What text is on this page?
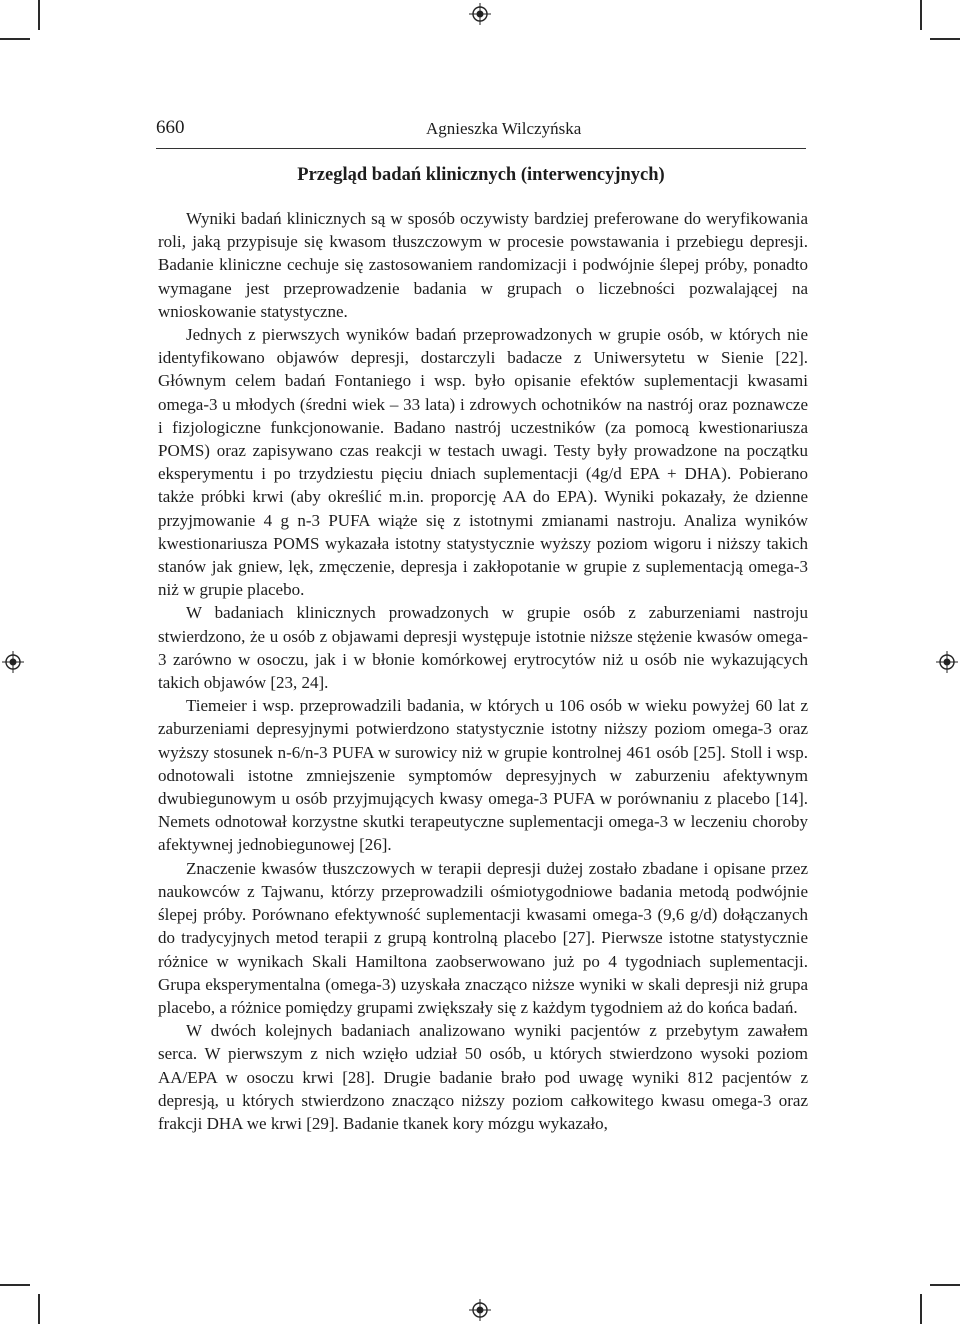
660	Agnieszka Wilczyńska
Przegląd badań klinicznych (interwencyjnych)

Wyniki badań klinicznych są w sposób oczywisty bardziej preferowane do weryfikowania roli, jaką przypisuje się kwasom tłuszczowym w procesie powstawania i przebiegu depresji. Badanie kliniczne cechuje się zastosowaniem randomizacji i podwójnie ślepej próby, ponadto wymagane jest przeprowadzenie badania w grupach o liczebności pozwalającej na wnioskowanie statystyczne.

Jednych z pierwszych wyników badań przeprowadzonych w grupie osób, w których nie identyfikowano objawów depresji, dostarczyli badacze z Uniwersytetu w Sienie [22]. Głównym celem badań Fontaniego i wsp. było opisanie efektów suplementacji kwasami omega-3 u młodych (średni wiek – 33 lata) i zdrowych ochotników na nastrój oraz poznawcze i fizjologiczne funkcjonowanie. Badano nastrój uczestników (za pomocą kwestionariusza POMS) oraz zapisywano czas reakcji w testach uwagi. Testy były prowadzone na początku eksperymentu i po trzydziestu pięciu dniach suplementacji (4g/d EPA + DHA). Pobierano także próbki krwi (aby określić m.in. proporcję AA do EPA). Wyniki pokazały, że dzienne przyjmowanie 4 g n-3 PUFA wiąże się z istotnymi zmianami nastroju. Analiza wyników kwestionariusza POMS wykazała istotny statystycznie wyższy poziom wigoru i niższy takich stanów jak gniew, lęk, zmęczenie, depresja i zakłopotanie w grupie z suplementacją omega-3 niż w grupie placebo.

W badaniach klinicznych prowadzonych w grupie osób z zaburzeniami nastroju stwierdzono, że u osób z objawami depresji występuje istotnie niższe stężenie kwasów omega-3 zarówno w osoczu, jak i w błonie komórkowej erytrocytów niż u osób nie wykazujących takich objawów [23, 24].

Tiemeier i wsp. przeprowadzili badania, w których u 106 osób w wieku powyżej 60 lat z zaburzeniami depresyjnymi potwierdzono statystycznie istotny niższy poziom omega-3 oraz wyższy stosunek n-6/n-3 PUFA w surowicy niż w grupie kontrolnej 461 osób [25]. Stoll i wsp. odnotowali istotne zmniejszenie symptomów depresyjnych w zaburzeniu afektywnym dwubiegunowym u osób przyjmujących kwasy omega-3 PUFA w porównaniu z placebo [14]. Nemets odnotował korzystne skutki terapeutyczne suplementacji omega-3 w leczeniu choroby afektywnej jednobiegunowej [26].

Znaczenie kwasów tłuszczowych w terapii depresji dużej zostało zbadane i opisane przez naukowców z Tajwanu, którzy przeprowadzili ośmiotygodniowe badania metodą podwójnie ślepej próby. Porównano efektywność suplementacji kwasami omega-3 (9,6 g/d) dołączanych do tradycyjnych metod terapii z grupą kontrolną placebo [27]. Pierwsze istotne statystycznie różnice w wynikach Skali Hamiltona zaobserwowano już po 4 tygodniach suplementacji. Grupa eksperymentalna (omega-3) uzyskała znacząco niższe wyniki w skali depresji niż grupa placebo, a różnice pomiędzy grupami zwiększały się z każdym tygodniem aż do końca badań.

W dwóch kolejnych badaniach analizowano wyniki pacjentów z przebytym zawałem serca. W pierwszym z nich wzięło udział 50 osób, u których stwierdzono wysoki poziom AA/EPA w osoczu krwi [28]. Drugie badanie brało pod uwagę wyniki 812 pacjentów z depresją, u których stwierdzono znacząco niższy poziom całkowitego kwasu omega-3 oraz frakcji DHA we krwi [29]. Badanie tkanek kory mózgu wykazało,
